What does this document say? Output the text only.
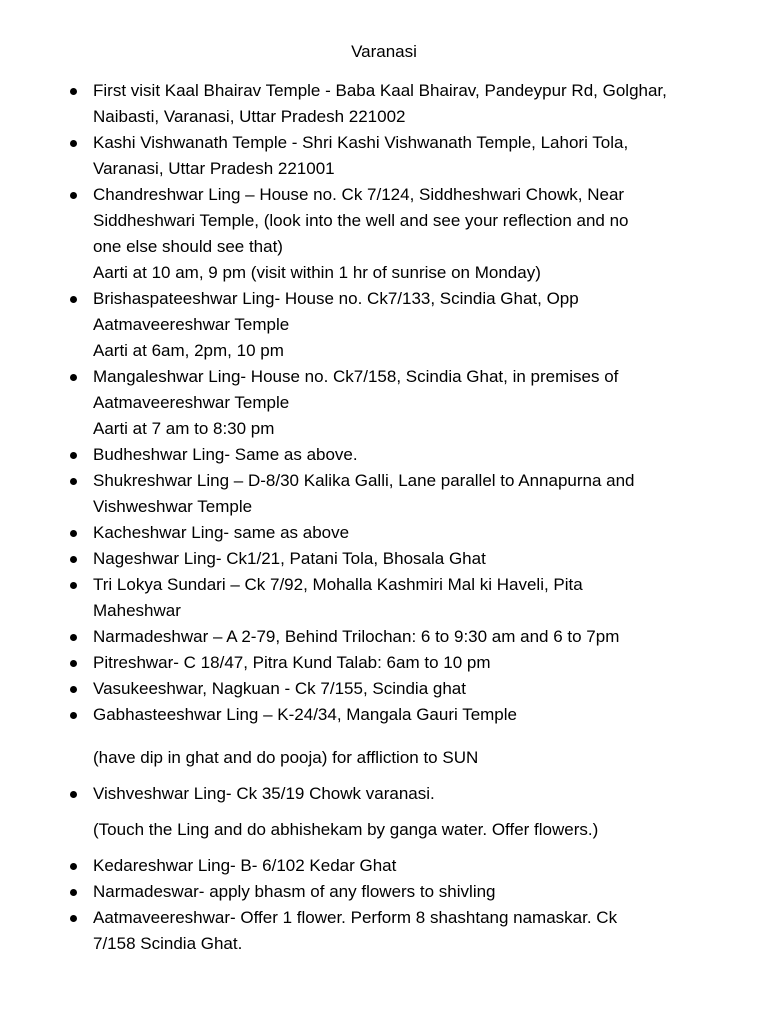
Varanasi
First visit Kaal Bhairav Temple - Baba Kaal Bhairav, Pandeypur Rd, Golghar,
Naibasti, Varanasi, Uttar Pradesh 221002
Kashi Vishwanath Temple - Shri Kashi Vishwanath Temple, Lahori Tola,
Varanasi, Uttar Pradesh 221001
Chandreshwar Ling – House no. Ck 7/124, Siddheshwari Chowk, Near
Siddheshwari Temple, (look into the well and see your reflection and no
one else should see that)
Aarti at 10 am, 9 pm (visit within 1 hr of sunrise on Monday)
Brishaspateeshwar Ling- House no. Ck7/133, Scindia Ghat, Opp
Aatmaveereshwar Temple
Aarti at 6am, 2pm, 10 pm
Mangaleshwar Ling- House no. Ck7/158, Scindia Ghat, in premises of
Aatmaveereshwar Temple
Aarti at 7 am to 8:30 pm
Budheshwar Ling- Same as above.
Shukreshwar Ling – D-8/30 Kalika Galli, Lane parallel to Annapurna and
Vishweshwar Temple
Kacheshwar Ling- same as above
Nageshwar Ling- Ck1/21, Patani Tola, Bhosala Ghat
Tri Lokya Sundari – Ck 7/92, Mohalla Kashmiri Mal ki Haveli, Pita
Maheshwar
Narmadeshwar – A 2-79, Behind Trilochan: 6 to 9:30 am and 6 to 7pm
Pitreshwar- C 18/47, Pitra Kund Talab: 6am to 10 pm
Vasukeeshwar, Nagkuan - Ck 7/155, Scindia ghat
Gabhasteeshwar Ling – K-24/34, Mangala Gauri Temple
(have dip in ghat and do pooja) for affliction to SUN
Vishveshwar Ling- Ck 35/19 Chowk varanasi.
(Touch the Ling and do abhishekam by ganga water. Offer flowers.)
Kedareshwar Ling- B- 6/102 Kedar Ghat
Narmadeswar- apply bhasm of any flowers to shivling
Aatmaveereshwar- Offer 1 flower. Perform 8 shashtang namaskar. Ck
7/158 Scindia Ghat.
